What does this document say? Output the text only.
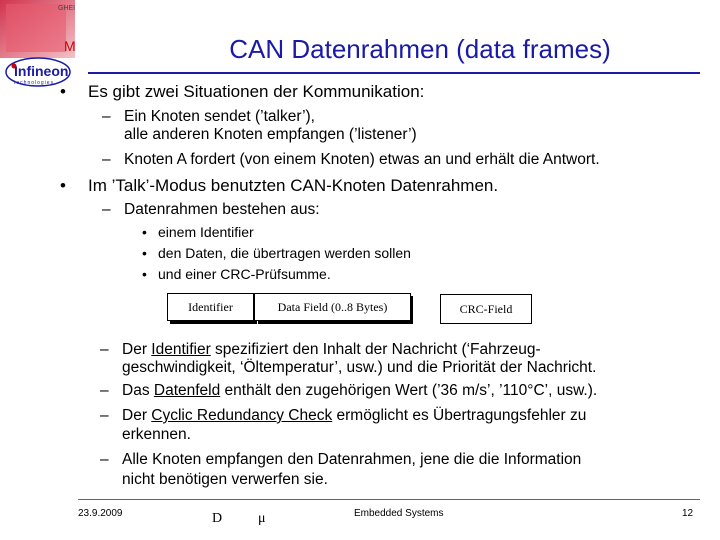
GHEI
M
Infineon
technologies
CAN Datenrahmen (data frames)
• Es gibt zwei Situationen der Kommunikation:
– Ein Knoten sendet (’talker’),
alle anderen Knoten empfangen (’listener’)
– Knoten A fordert (von einem Knoten) etwas an und erhält die Antwort.
• Im ’Talk’-Modus benutzten CAN-Knoten Datenrahmen.
– Datenrahmen bestehen aus:
• einem Identifier
• den Daten, die übertragen werden sollen
• und einer CRC-Prüfsumme.
Identifier	Data Field (0..8 Bytes)	CRC-Field
– Der Identifier spezifiziert den Inhalt der Nachricht (‘Fahrzeug-
geschwindigkeit, ‘Öltemperatur’, usw.) und die Priorität der Nachricht.
– Das Datenfeld enthält den zugehörigen Wert (’36 m/s’, ’110°C’, usw.).
– Der Cyclic Redundancy Check ermöglicht es Übertragungsfehler zu
erkennen.
– Alle Knoten empfangen den Datenrahmen, jene die die Information
nicht benötigen verwerfen sie.
23.9.2009	D	μ	Embedded Systems	12
